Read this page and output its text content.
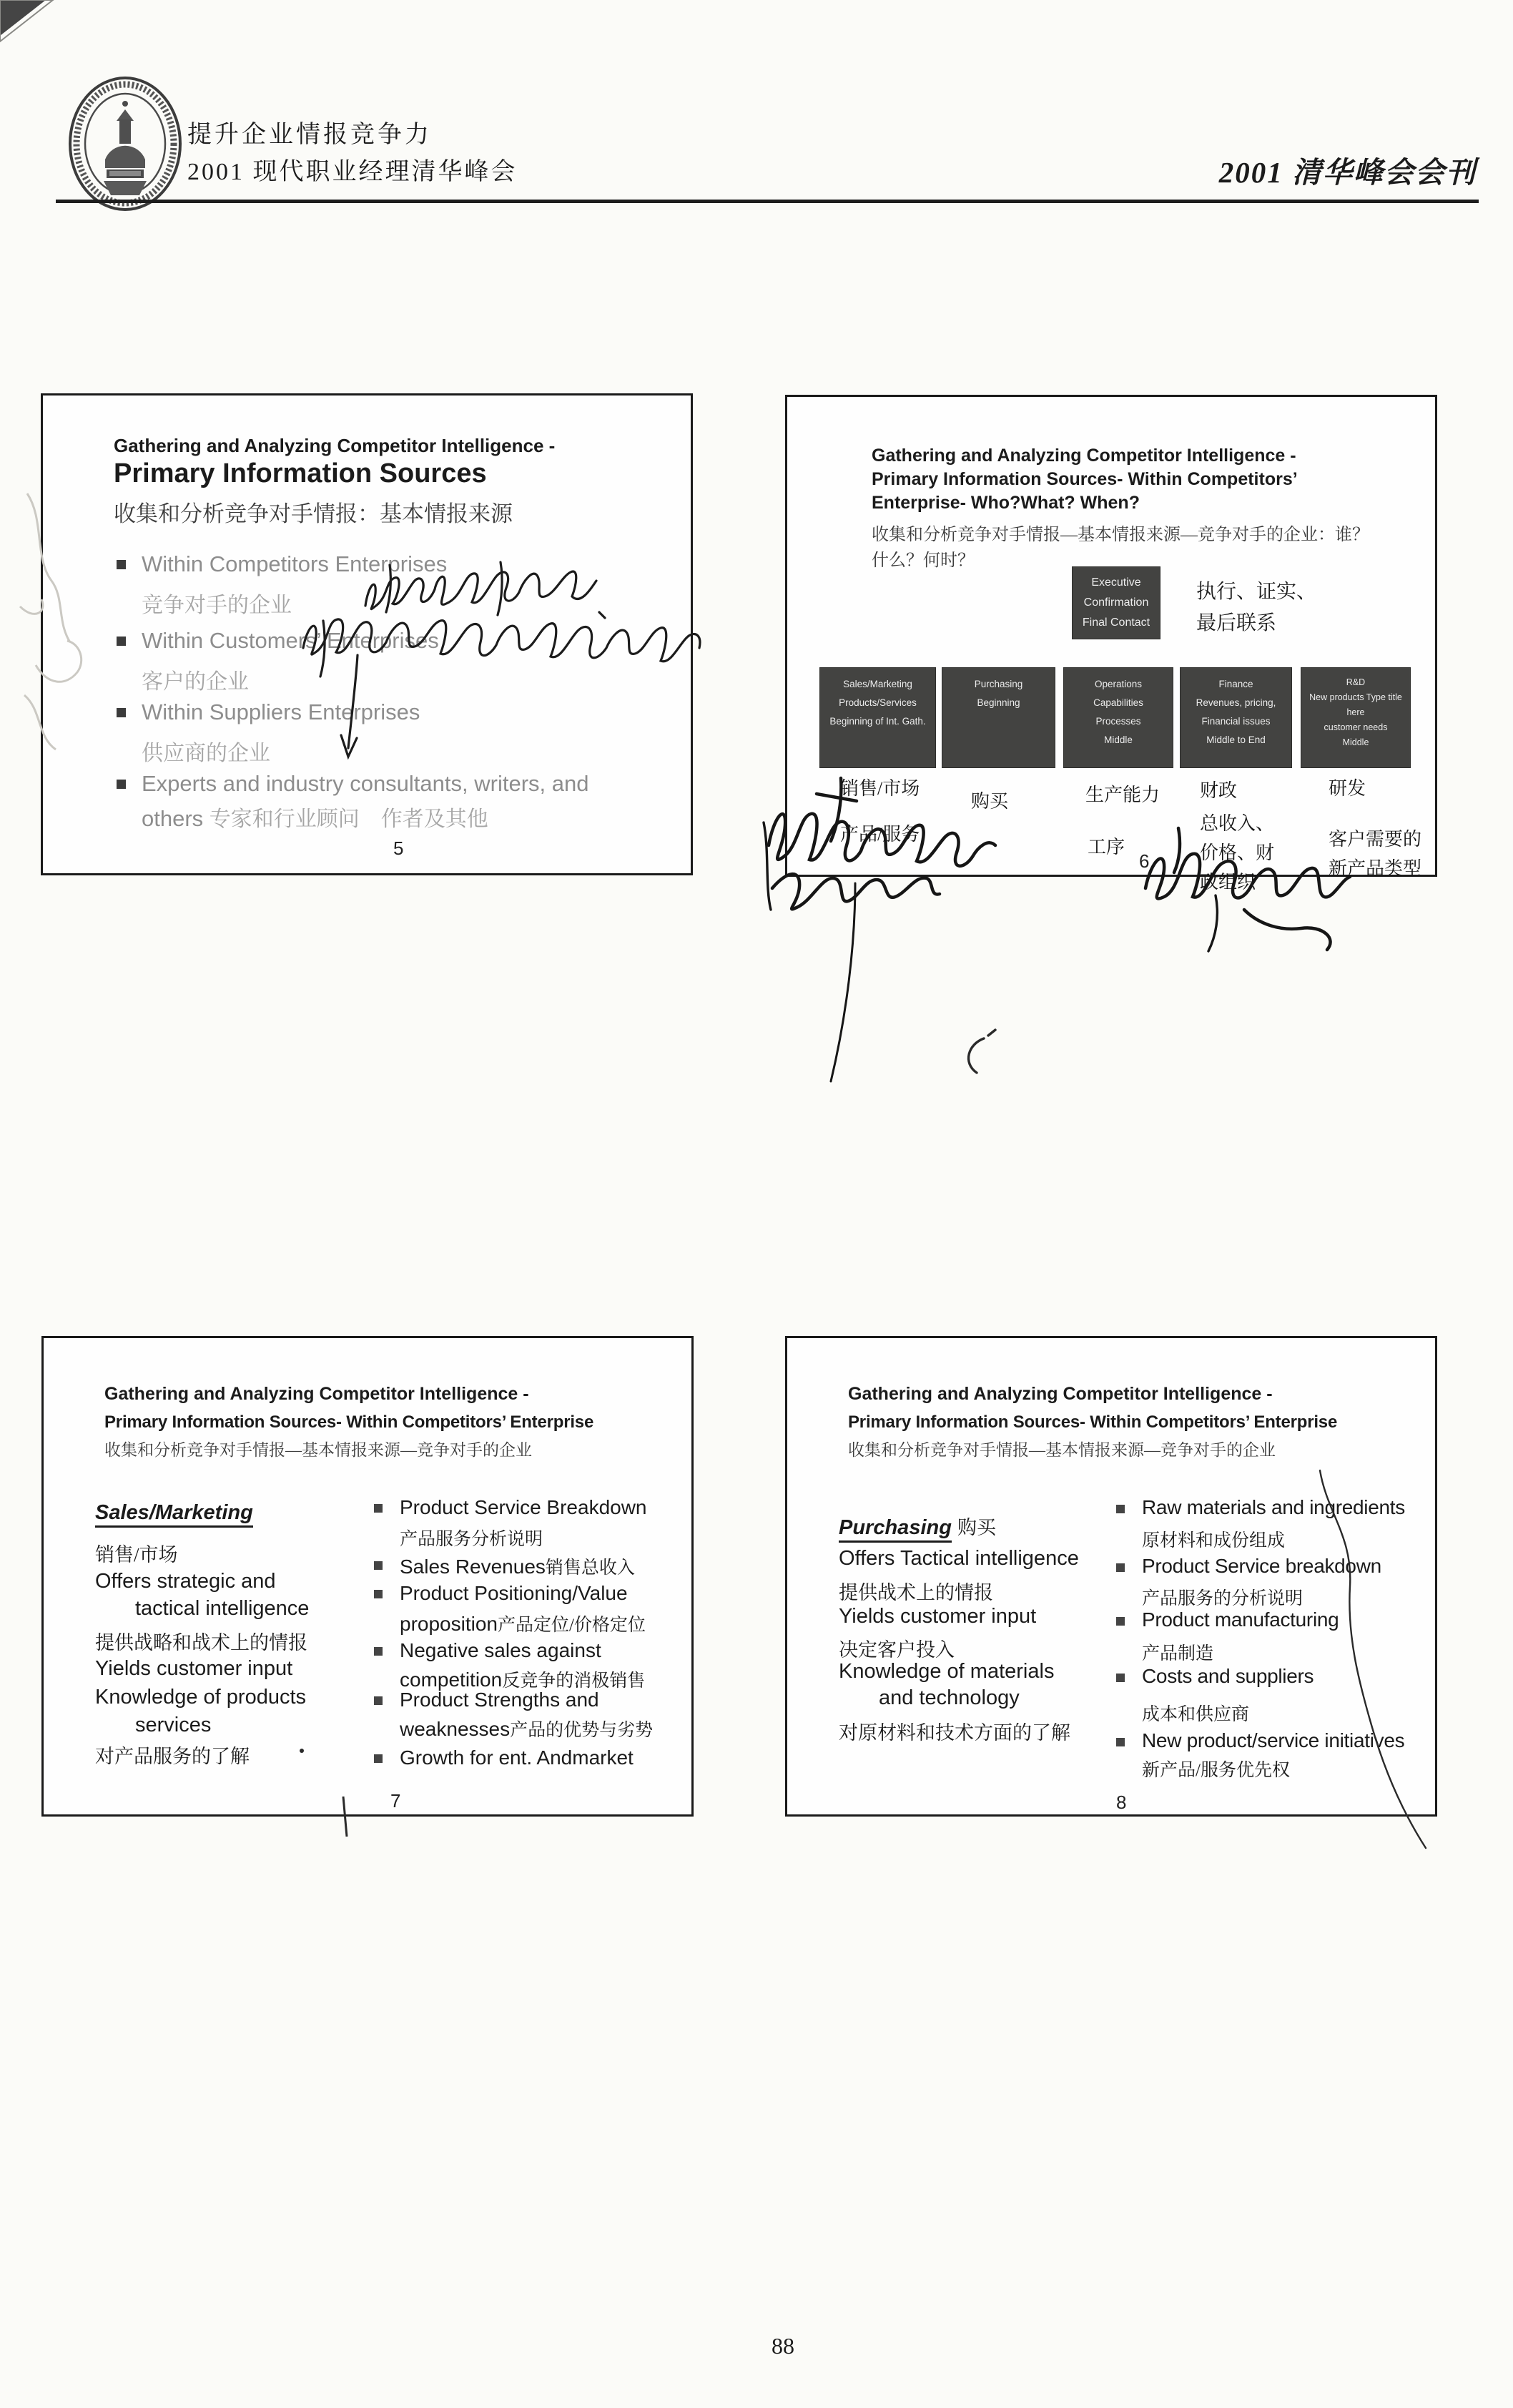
提升企业情报竞争力
2001 现代职业经理清华峰会	2001 清华峰会会刊
Gathering and Analyzing Competitor Intelligence -
Primary Information Sources
收集和分析竞争对手情报：基本情报来源
Within Competitors Enterprises
竞争对手的企业
Within Customers’ Enterprises
客户的企业
Within Suppliers Enterprises
供应商的企业
Experts and industry consultants, writers, and
others 专家和行业顾问　作者及其他
5
Gathering and Analyzing Competitor Intelligence -
Primary Information Sources- Within Competitors’
Enterprise- Who?What? When?
收集和分析竞争对手情报—基本情报来源—竞争对手的企业：谁？
什么？何时？
Executive
Confirmation
Final Contact
执行、证实、
最后联系
Sales/Marketing
Products/Services
Beginning of Int. Gath.
Purchasing
Beginning
Operations
Capabilities
Processes
Middle
Finance
Revenues, pricing,
Financial issues
Middle to End
R&D
New products Type title here
customer needs
Middle
销售/市场
产品/服务
购买	生产能力
工序
财政
总收入、价格、财政组织
研发
客户需要的新产品类型
6
Gathering and Analyzing Competitor Intelligence -
Primary Information Sources- Within Competitors’ Enterprise
收集和分析竞争对手情报—基本情报来源—竞争对手的企业
Sales/Marketing
销售/市场
Offers strategic and
tactical intelligence
提供战略和战术上的情报
Yields customer input
Knowledge of products
services
对产品服务的了解
Product Service Breakdown
产品服务分析说明
Sales Revenues销售总收入
Product Positioning/Value
proposition产品定位/价格定位
Negative sales against
competition反竞争的消极销售
Product Strengths and
weaknesses产品的优势与劣势
Growth for ent. Andmarket
7
Gathering and Analyzing Competitor Intelligence -
Primary Information Sources- Within Competitors’ Enterprise
收集和分析竞争对手情报—基本情报来源—竞争对手的企业
Purchasing 购买
Offers Tactical intelligence
提供战术上的情报
Yields customer input
决定客户投入
Knowledge of materials
and technology
对原材料和技术方面的了解
Raw materials and ingredients
原材料和成份组成
Product Service breakdown
产品服务的分析说明
Product manufacturing
产品制造
Costs and suppliers
成本和供应商
New product/service initiatives
新产品/服务优先权
8
88
